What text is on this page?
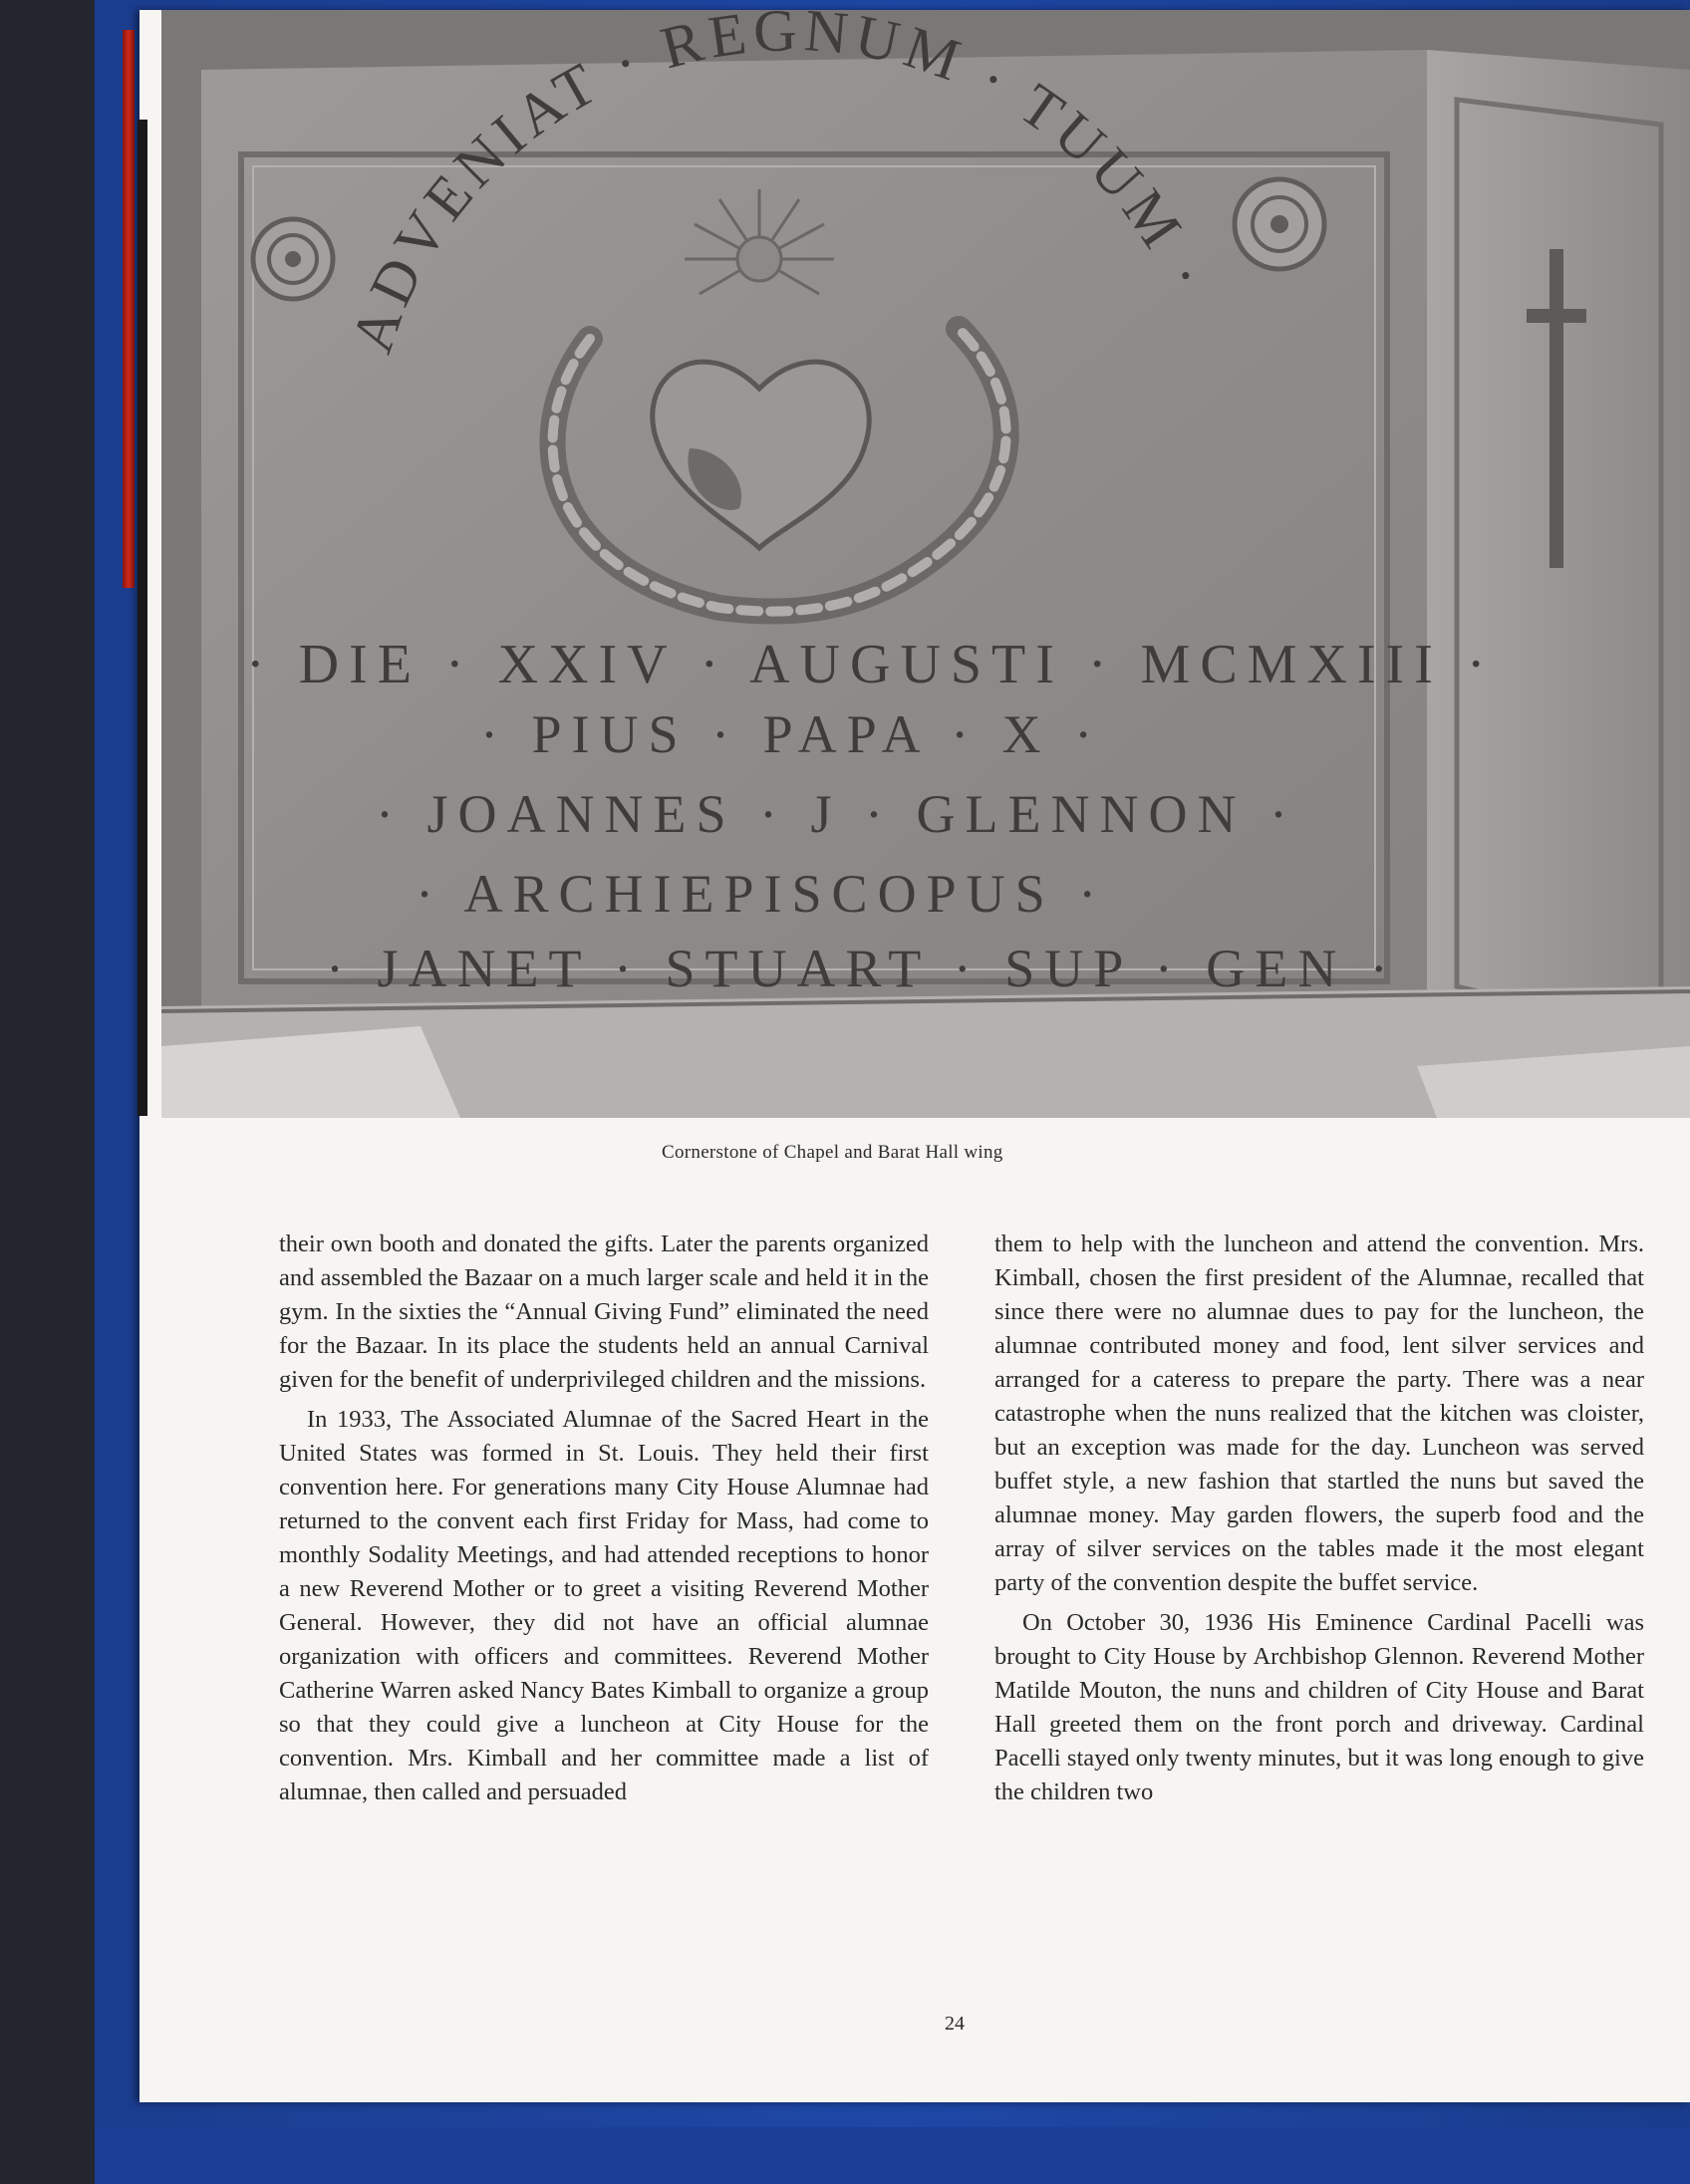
ADVENIAT · REGNUM · TUUM ·
· DIE · XXIV · AUGUSTI · MCMXIII ·
· PIUS · PAPA · X ·
· JOANNES · J · GLENNON ·
· ARCHIEPISCOPUS ·
· JANET · STUART · SUP · GEN ·
Cornerstone of Chapel and Barat Hall wing

their own booth and donated the gifts. Later the parents organized and assembled the Bazaar on a much larger scale and held it in the gym. In the sixties the “Annual Giving Fund” eliminated the need for the Bazaar. In its place the students held an annual Carnival given for the benefit of underprivileged children and the missions.

In 1933, The Associated Alumnae of the Sacred Heart in the United States was formed in St. Louis. They held their first convention here. For generations many City House Alumnae had returned to the convent each first Friday for Mass, had come to monthly Sodality Meetings, and had attended receptions to honor a new Reverend Mother or to greet a visiting Reverend Mother General. However, they did not have an official alumnae organization with officers and committees. Reverend Mother Catherine Warren asked Nancy Bates Kimball to organize a group so that they could give a luncheon at City House for the convention. Mrs. Kimball and her committee made a list of alumnae, then called and persuaded

them to help with the luncheon and attend the convention. Mrs. Kimball, chosen the first president of the Alumnae, recalled that since there were no alumnae dues to pay for the luncheon, the alumnae contributed money and food, lent silver services and arranged for a cateress to prepare the party. There was a near catastrophe when the nuns realized that the kitchen was cloister, but an exception was made for the day. Luncheon was served buffet style, a new fashion that startled the nuns but saved the alumnae money. May garden flowers, the superb food and the array of silver services on the tables made it the most elegant party of the convention despite the buffet service.

On October 30, 1936 His Eminence Cardinal Pacelli was brought to City House by Archbishop Glennon. Reverend Mother Matilde Mouton, the nuns and children of City House and Barat Hall greeted them on the front porch and driveway. Cardinal Pacelli stayed only twenty minutes, but it was long enough to give the children two

24
